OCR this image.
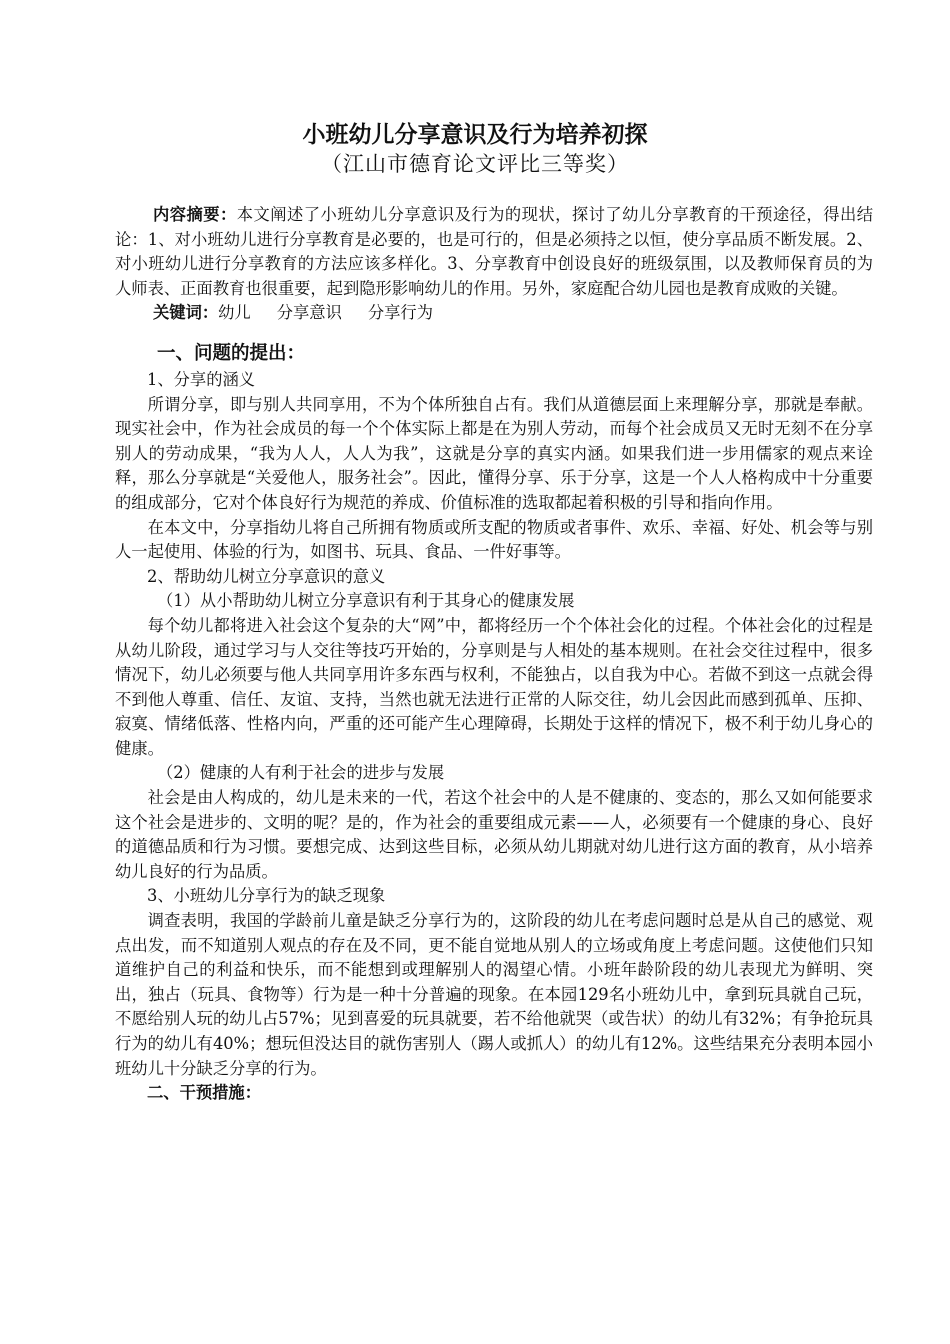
小班幼儿分享意识及行为培养初探
（江山市德育论文评比三等奖）

内容摘要：本文阐述了小班幼儿分享意识及行为的现状，探讨了幼儿分享教育的干预途径，得出结论：1、对小班幼儿进行分享教育是必要的，也是可行的，但是必须持之以恒，使分享品质不断发展。2、对小班幼儿进行分享教育的方法应该多样化。3、分享教育中创设良好的班级氛围，以及教师保育员的为人师表、正面教育也很重要，起到隐形影响幼儿的作用。另外，家庭配合幼儿园也是教育成败的关键。

关键词：幼儿 分享意识 分享行为

一、问题的提出：

1、分享的涵义

所谓分享，即与别人共同享用，不为个体所独自占有。我们从道德层面上来理解分享，那就是奉献。现实社会中，作为社会成员的每一个个体实际上都是在为别人劳动，而每个社会成员又无时无刻不在分享别人的劳动成果，“我为人人，人人为我”，这就是分享的真实内涵。如果我们进一步用儒家的观点来诠释，那么分享就是“关爱他人，服务社会”。因此，懂得分享、乐于分享，这是一个人人格构成中十分重要的组成部分，它对个体良好行为规范的养成、价值标准的选取都起着积极的引导和指向作用。

在本文中，分享指幼儿将自己所拥有物质或所支配的物质或者事件、欢乐、幸福、好处、机会等与别人一起使用、体验的行为，如图书、玩具、食品、一件好事等。

2、帮助幼儿树立分享意识的意义

（1）从小帮助幼儿树立分享意识有利于其身心的健康发展

每个幼儿都将进入社会这个复杂的大“网”中，都将经历一个个体社会化的过程。个体社会化的过程是从幼儿阶段，通过学习与人交往等技巧开始的，分享则是与人相处的基本规则。在社会交往过程中，很多情况下，幼儿必须要与他人共同享用许多东西与权利，不能独占，以自我为中心。若做不到这一点就会得不到他人尊重、信任、友谊、支持，当然也就无法进行正常的人际交往，幼儿会因此而感到孤单、压抑、寂寞、情绪低落、性格内向，严重的还可能产生心理障碍，长期处于这样的情况下，极不利于幼儿身心的健康。

（2）健康的人有利于社会的进步与发展

社会是由人构成的，幼儿是未来的一代，若这个社会中的人是不健康的、变态的，那么又如何能要求这个社会是进步的、文明的呢？是的，作为社会的重要组成元素——人，必须要有一个健康的身心、良好的道德品质和行为习惯。要想完成、达到这些目标，必须从幼儿期就对幼儿进行这方面的教育，从小培养幼儿良好的行为品质。

3、小班幼儿分享行为的缺乏现象

调查表明，我国的学龄前儿童是缺乏分享行为的，这阶段的幼儿在考虑问题时总是从自己的感觉、观点出发，而不知道别人观点的存在及不同，更不能自觉地从别人的立场或角度上考虑问题。这使他们只知道维护自己的利益和快乐，而不能想到或理解别人的渴望心情。小班年龄阶段的幼儿表现尤为鲜明、突出，独占（玩具、食物等）行为是一种十分普遍的现象。在本园129名小班幼儿中，拿到玩具就自己玩，不愿给别人玩的幼儿占57%；见到喜爱的玩具就要，若不给他就哭（或告状）的幼儿有32%；有争抢玩具行为的幼儿有40%；想玩但没达目的就伤害别人（踢人或抓人）的幼儿有12%。这些结果充分表明本园小班幼儿十分缺乏分享的行为。

二、干预措施：
